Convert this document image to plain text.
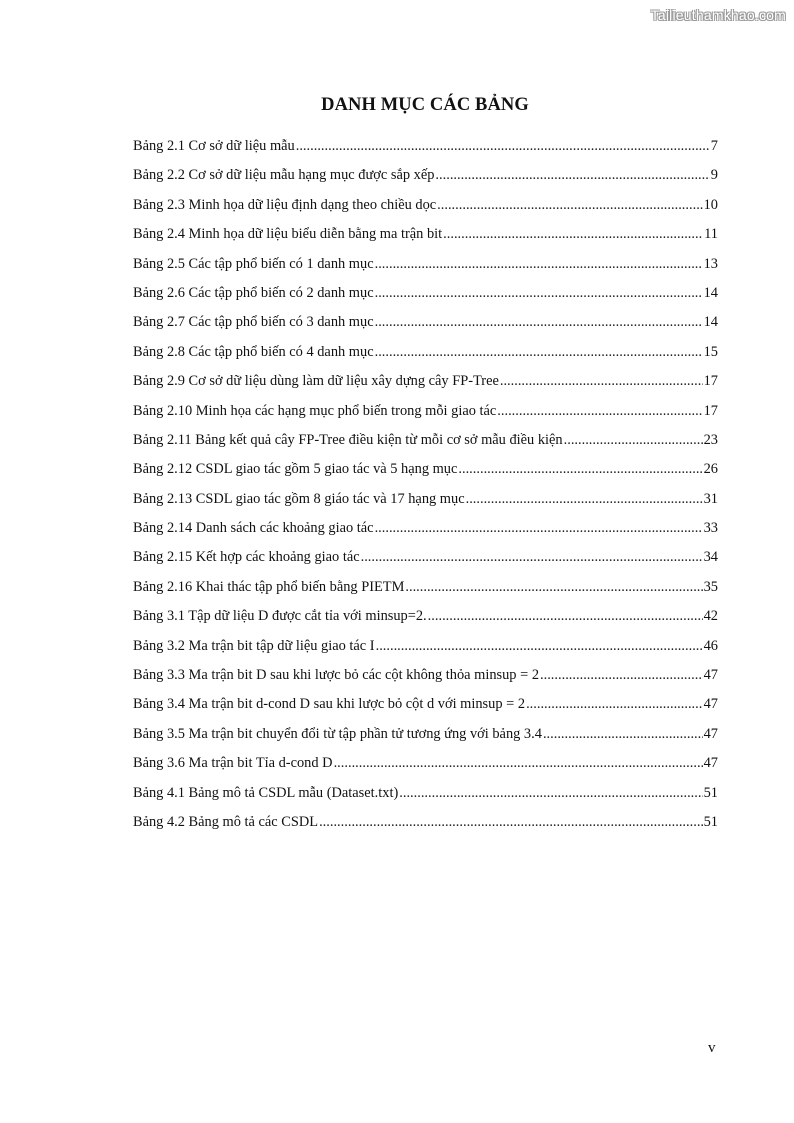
Tailieuthamkhao.com
DANH MỤC CÁC BẢNG
Bảng 2.1 Cơ sở dữ liệu mẫu .....	7
Bảng 2.2 Cơ sở dữ liệu mẫu hạng mục được sắp xếp .....	9
Bảng 2.3 Minh họa dữ liệu định dạng theo chiều dọc .....	10
Bảng 2.4 Minh họa dữ liệu biểu diễn bằng ma trận bit .....	11
Bảng 2.5 Các tập phổ biến có 1 danh mục .....	13
Bảng 2.6 Các tập phổ biến có 2 danh mục .....	14
Bảng 2.7 Các tập phổ biến có 3 danh mục .....	14
Bảng 2.8 Các tập phổ biến có 4 danh mục .....	15
Bảng 2.9 Cơ sở dữ liệu dùng làm dữ liệu xây dựng cây FP-Tree .....	17
Bảng 2.10 Minh họa các hạng mục phổ biến trong mỗi giao tác .....	17
Bảng 2.11 Bảng kết quả cây FP-Tree điều kiện từ mỗi cơ sở mẫu điều kiện .....	23
Bảng 2.12 CSDL giao tác gồm 5 giao tác và 5 hạng mục .....	26
Bảng 2.13 CSDL giao tác gồm 8 giáo tác và 17 hạng mục .....	31
Bảng 2.14 Danh sách các khoảng giao tác .....	33
Bảng 2.15 Kết hợp các khoảng giao tác .....	34
Bảng 2.16 Khai thác tập phổ biến bằng PIETM .....	35
Bảng 3.1 Tập dữ liệu D được cắt tỉa với minsup=2. .....	42
Bảng 3.2 Ma trận bit tập dữ liệu giao tác I .....	46
Bảng 3.3 Ma trận bit D sau khi lược bỏ các cột không thỏa minsup = 2 .....	47
Bảng 3.4 Ma trận bit d-cond D sau khi lược bỏ cột d với minsup = 2 .....	47
Bảng 3.5 Ma trận bit chuyển đổi từ tập phần tử tương ứng với bảng 3.4 .....	47
Bảng 3.6 Ma trận bit Tỉa d-cond D .....	47
Bảng 4.1 Bảng mô tả CSDL mẫu (Dataset.txt) .....	51
Bảng 4.2 Bảng mô tả các CSDL .....	51
v
